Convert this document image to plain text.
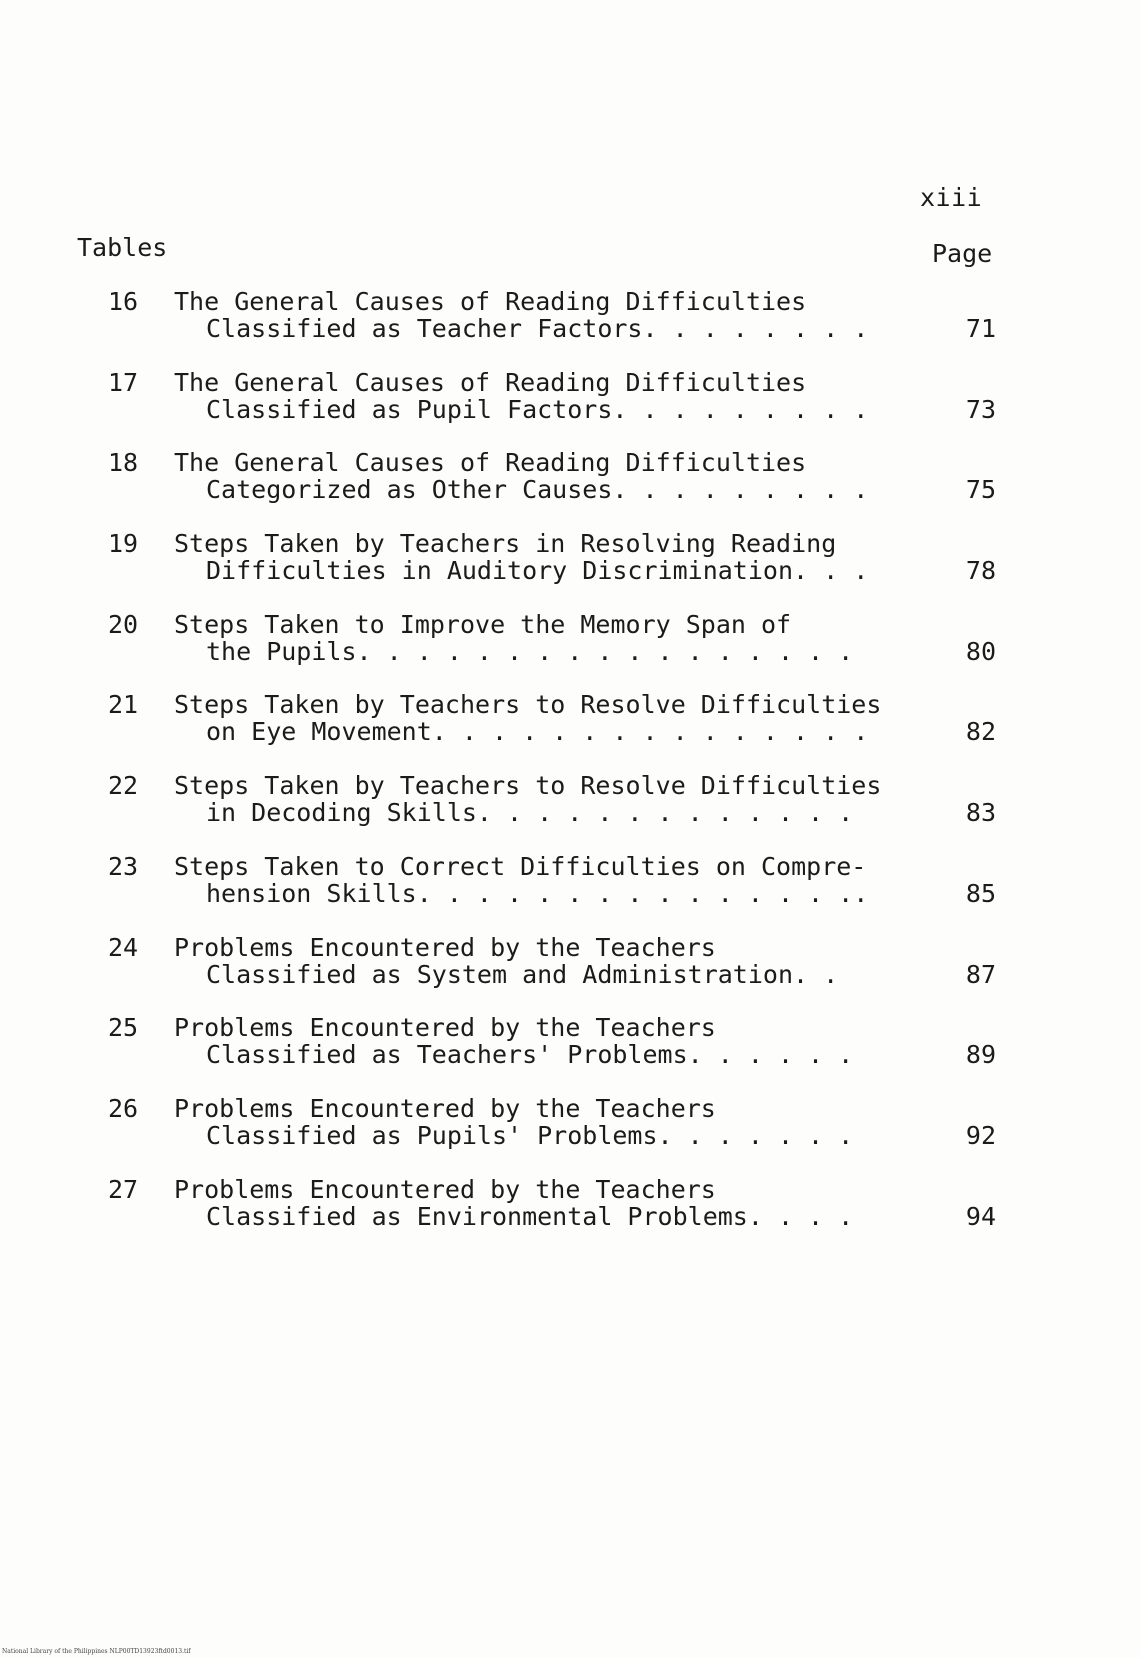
xiii
Tables	Page
16	The General Causes of Reading Difficulties
Classified as Teacher Factors. . . . . . . .	71
17	The General Causes of Reading Difficulties
Classified as Pupil Factors. . . . . . . . .	73
18	The General Causes of Reading Difficulties
Categorized as Other Causes. . . . . . . . .	75
19	Steps Taken by Teachers in Resolving Reading
Difficulties in Auditory Discrimination. . .	78
20	Steps Taken to Improve the Memory Span of
the Pupils. . . . . . . . . . . . . . . . .	80
21	Steps Taken by Teachers to Resolve Difficulties
on Eye Movement. . . . . . . . . . . . . . .	82
22	Steps Taken by Teachers to Resolve Difficulties
in Decoding Skills. . . . . . . . . . . . .	83
23	Steps Taken to Correct Difficulties on Compre-
hension Skills. . . . . . . . . . . . . . ..	85
24	Problems Encountered by the Teachers
Classified as System and Administration. .	87
25	Problems Encountered by the Teachers
Classified as Teachers' Problems. . . . . .	89
26	Problems Encountered by the Teachers
Classified as Pupils' Problems. . . . . . .	92
27	Problems Encountered by the Teachers
Classified as Environmental Problems. . . .	94
National Library of the Philippines NLP00TD13923ftd0013.tif
